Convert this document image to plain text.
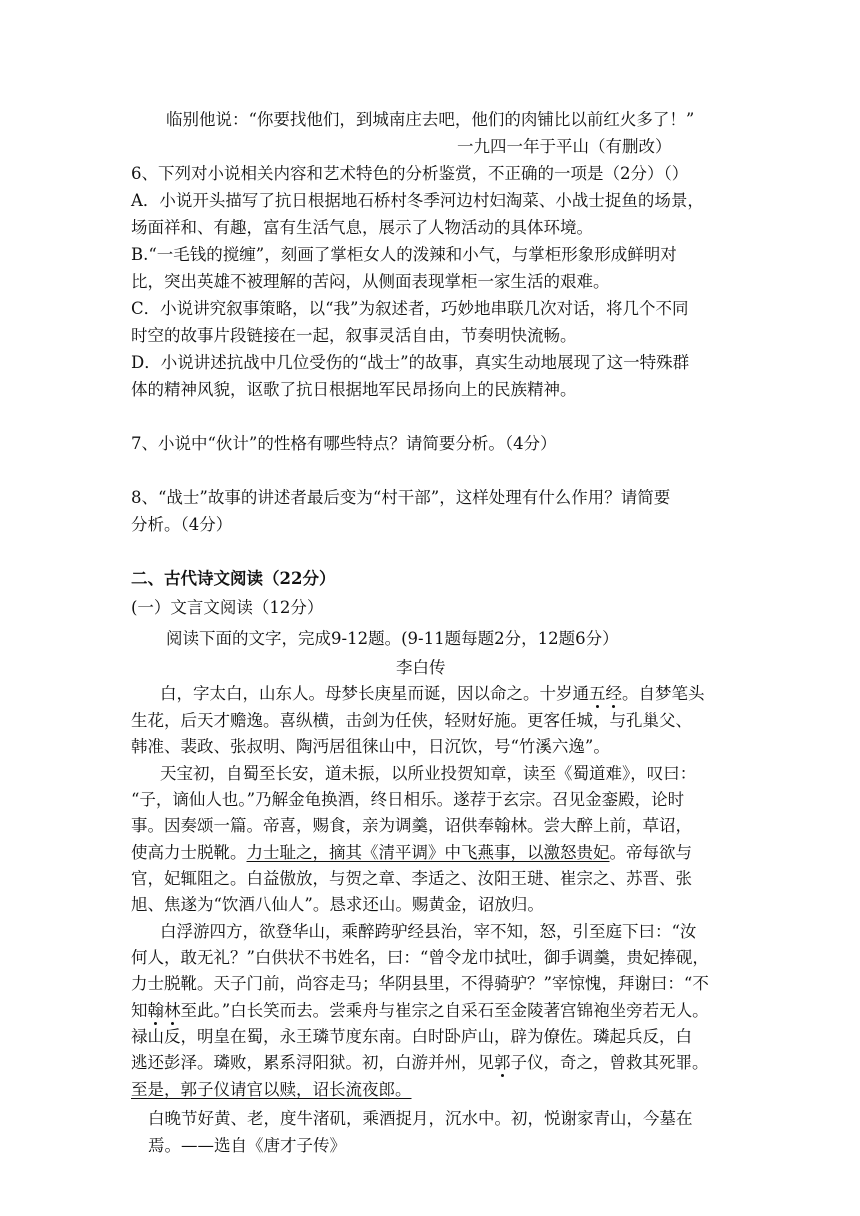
临别他说：“你要找他们，到城南庄去吧，他们的肉铺比以前红火多了！”
一九四一年于平山（有删改）
6、下列对小说相关内容和艺术特色的分析鉴赏，不正确的一项是（2分）（）
A．小说开头描写了抗日根据地石桥村冬季河边村妇淘菜、小战士捉鱼的场景，
场面祥和、有趣，富有生活气息，展示了人物活动的具体环境。
B.“一毛钱的搅缠”，刻画了掌柜女人的泼辣和小气，与掌柜形象形成鲜明对
比，突出英雄不被理解的苦闷，从侧面表现掌柜一家生活的艰难。
C．小说讲究叙事策略，以“我”为叙述者，巧妙地串联几次对话，将几个不同
时空的故事片段链接在一起，叙事灵活自由，节奏明快流畅。
D．小说讲述抗战中几位受伤的“战士”的故事，真实生动地展现了这一特殊群
体的精神风貌，讴歌了抗日根据地军民昂扬向上的民族精神。
7、小说中“伙计”的性格有哪些特点？请简要分析。（4分）
8、“战士”故事的讲述者最后变为“村干部”，这样处理有什么作用？请简要
分析。（4分）
二、古代诗文阅读（22分）
(一）文言文阅读（12分）
阅读下面的文字，完成9-12题。(9-11题每题2分，12题6分）
李白传
白，字太白，山东人。母梦长庚星而诞，因以命之。十岁通五经。自梦笔头
生花，后天才赡逸。喜纵横，击剑为任侠，轻财好施。更客任城，与孔巢父、
韩准、裴政、张叔明、陶沔居徂徕山中，日沉饮，号“竹溪六逸”。
天宝初，自蜀至长安，道未振，以所业投贺知章，读至《蜀道难》，叹曰：
“子，谪仙人也。”乃解金龟换酒，终日相乐。遂荐于玄宗。召见金銮殿，论时
事。因奏颂一篇。帝喜，赐食，亲为调羹，诏供奉翰林。尝大醉上前，草诏，
使高力士脱靴。力士耻之，摘其《清平调》中飞燕事，以激怒贵妃。帝每欲与
官，妃辄阻之。白益傲放，与贺之章、李适之、汝阳王琎、崔宗之、苏晋、张
旭、焦遂为“饮酒八仙人”。恳求还山。赐黄金，诏放归。
白浮游四方，欲登华山，乘醉跨驴经县治，宰不知，怒，引至庭下曰：“汝
何人，敢无礼？”白供状不书姓名，曰：“曾令龙巾拭吐，御手调羹，贵妃捧砚，
力士脱靴。天子门前，尚容走马；华阴县里，不得骑驴？”宰惊愧，拜谢曰：“不
知翰林至此。”白长笑而去。尝乘舟与崔宗之自采石至金陵著宫锦袍坐旁若无人。
禄山反，明皇在蜀，永王璘节度东南。白时卧庐山，辟为僚佐。璘起兵反，白
逃还彭泽。璘败，累系浔阳狱。初，白游并州，见郭子仪，奇之，曾救其死罪。
至是，郭子仪请官以赎，诏长流夜郎。
白晚节好黄、老，度牛渚矶，乘酒捉月，沉水中。初，悦谢家青山，今墓在
焉。——选自《唐才子传》
